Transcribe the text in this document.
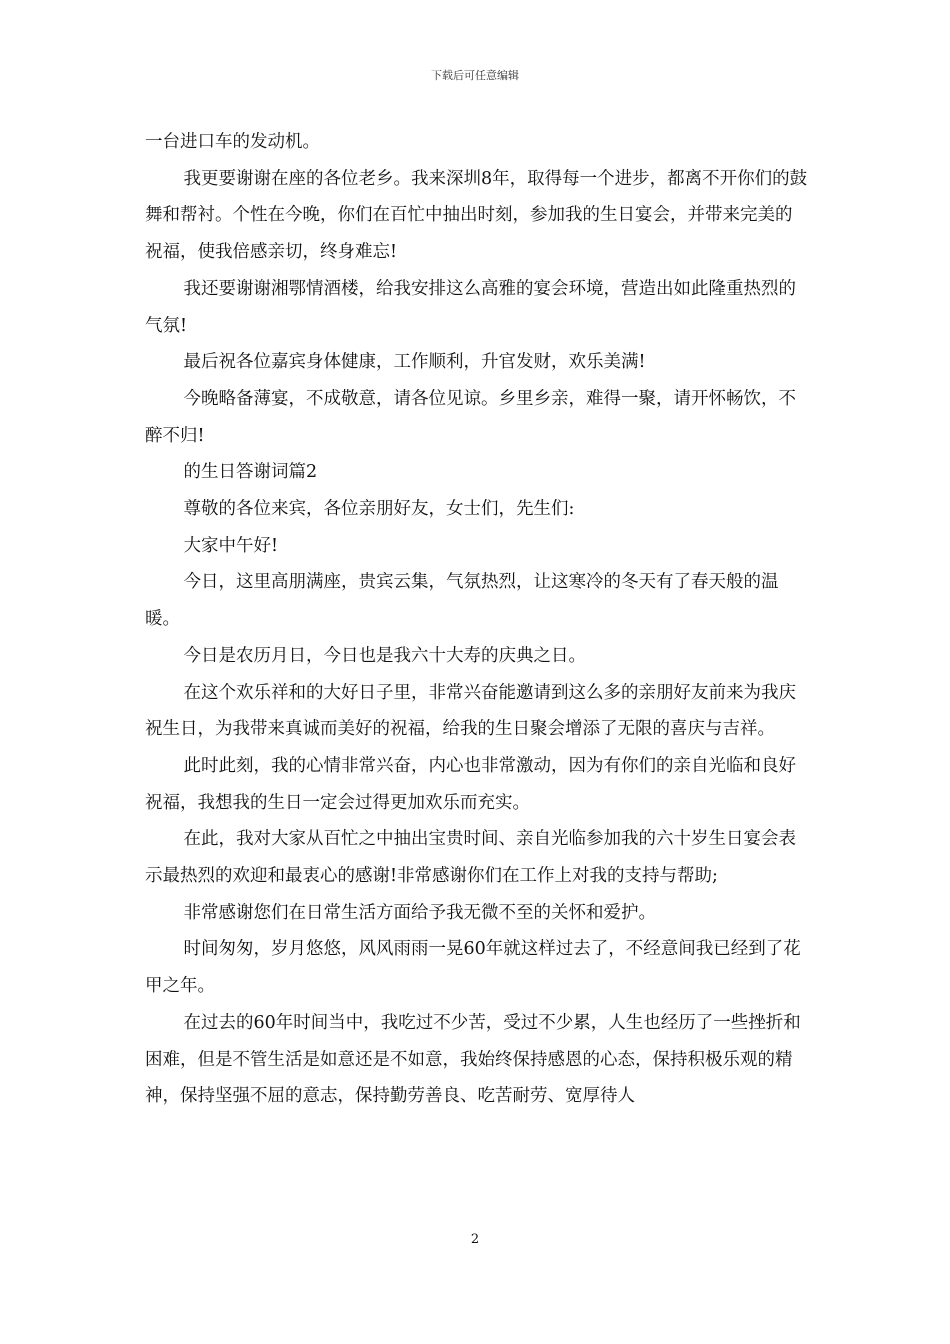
下载后可任意编辑

一台进口车的发动机。

我更要谢谢在座的各位老乡。我来深圳8年，取得每一个进步，都离不开你们的鼓舞和帮衬。个性在今晚，你们在百忙中抽出时刻，参加我的生日宴会，并带来完美的祝福，使我倍感亲切，终身难忘!

我还要谢谢湘鄂情酒楼，给我安排这么高雅的宴会环境，营造出如此隆重热烈的气氛!

最后祝各位嘉宾身体健康，工作顺利，升官发财，欢乐美满!

今晚略备薄宴，不成敬意，请各位见谅。乡里乡亲，难得一聚，请开怀畅饮，不醉不归!

的生日答谢词篇2

尊敬的各位来宾，各位亲朋好友，女士们，先生们:

大家中午好!

今日，这里高朋满座，贵宾云集，气氛热烈，让这寒冷的冬天有了春天般的温暖。

今日是农历月日，今日也是我六十大寿的庆典之日。

在这个欢乐祥和的大好日子里，非常兴奋能邀请到这么多的亲朋好友前来为我庆祝生日，为我带来真诚而美好的祝福，给我的生日聚会增添了无限的喜庆与吉祥。

此时此刻，我的心情非常兴奋，内心也非常激动，因为有你们的亲自光临和良好祝福，我想我的生日一定会过得更加欢乐而充实。

在此，我对大家从百忙之中抽出宝贵时间、亲自光临参加我的六十岁生日宴会表示最热烈的欢迎和最衷心的感谢!非常感谢你们在工作上对我的支持与帮助;

非常感谢您们在日常生活方面给予我无微不至的关怀和爱护。

时间匆匆，岁月悠悠，风风雨雨一晃60年就这样过去了，不经意间我已经到了花甲之年。

在过去的60年时间当中，我吃过不少苦，受过不少累，人生也经历了一些挫折和困难，但是不管生活是如意还是不如意，我始终保持感恩的心态，保持积极乐观的精神，保持坚强不屈的意志，保持勤劳善良、吃苦耐劳、宽厚待人

2
